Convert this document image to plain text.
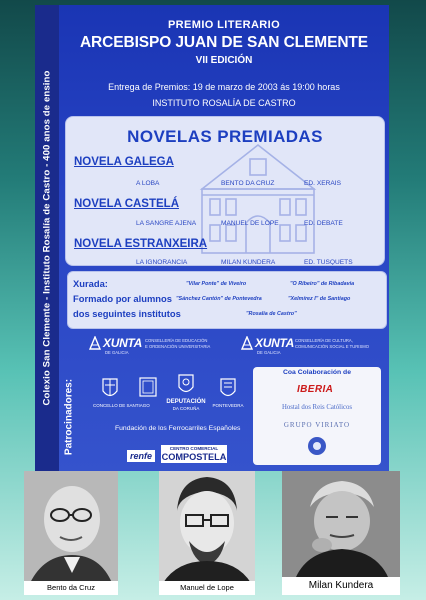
Colexio San Clemente - Instituto Rosalía de Castro - 400 anos de ensino
PREMIO LITERARIO
ARCEBISPO JUAN DE SAN CLEMENTE
VII EDICIÓN
Entrega de Premios: 19 de marzo de 2003 ás 19:00 horas
INSTITUTO ROSALÍA DE CASTRO
NOVELAS PREMIADAS
NOVELA GALEGA
A LOBA	BENTO DA CRUZ	ED. XERAIS
NOVELA CASTELÁ
LA SANGRE AJENA	MANUEL DE LOPE	ED. DEBATE
NOVELA ESTRANXEIRA
LA IGNORANCIA	MILAN KUNDERA	ED. TUSQUETS
Xurada:
Formado por alumnos
dos seguintes institutos
"Vilar Ponte" de Viveiro	"O Ribeiro" de Ribadavia
"Sánchez Cantón" de Pontevedra	"Xelmírez I" de Santiago
"Rosalía de Castro"
Patrocinadores:
XUNTA
DE GALICIA
CONSELLERÍA DE EDUCACIÓN
E ORDENACIÓN UNIVERSITARIA	XUNTA
DE GALICIA
CONSELLERÍA DE CULTURA,
COMUNICACIÓN SOCIAL E TURISMO
CONCELLO DE SANTIAGO
DEPUTACIÓN
DA CORUÑA
PONTEVEDRA
Coa Colaboración de
IBERIA
Hostal dos Reis Católicos
GRUPO VIRIATO
Fundación de los Ferrocarriles Españoles
renfe
CENTRO COMERCIAL
COMPOSTELA
Bento da Cruz	Manuel de Lope	Milan Kundera
